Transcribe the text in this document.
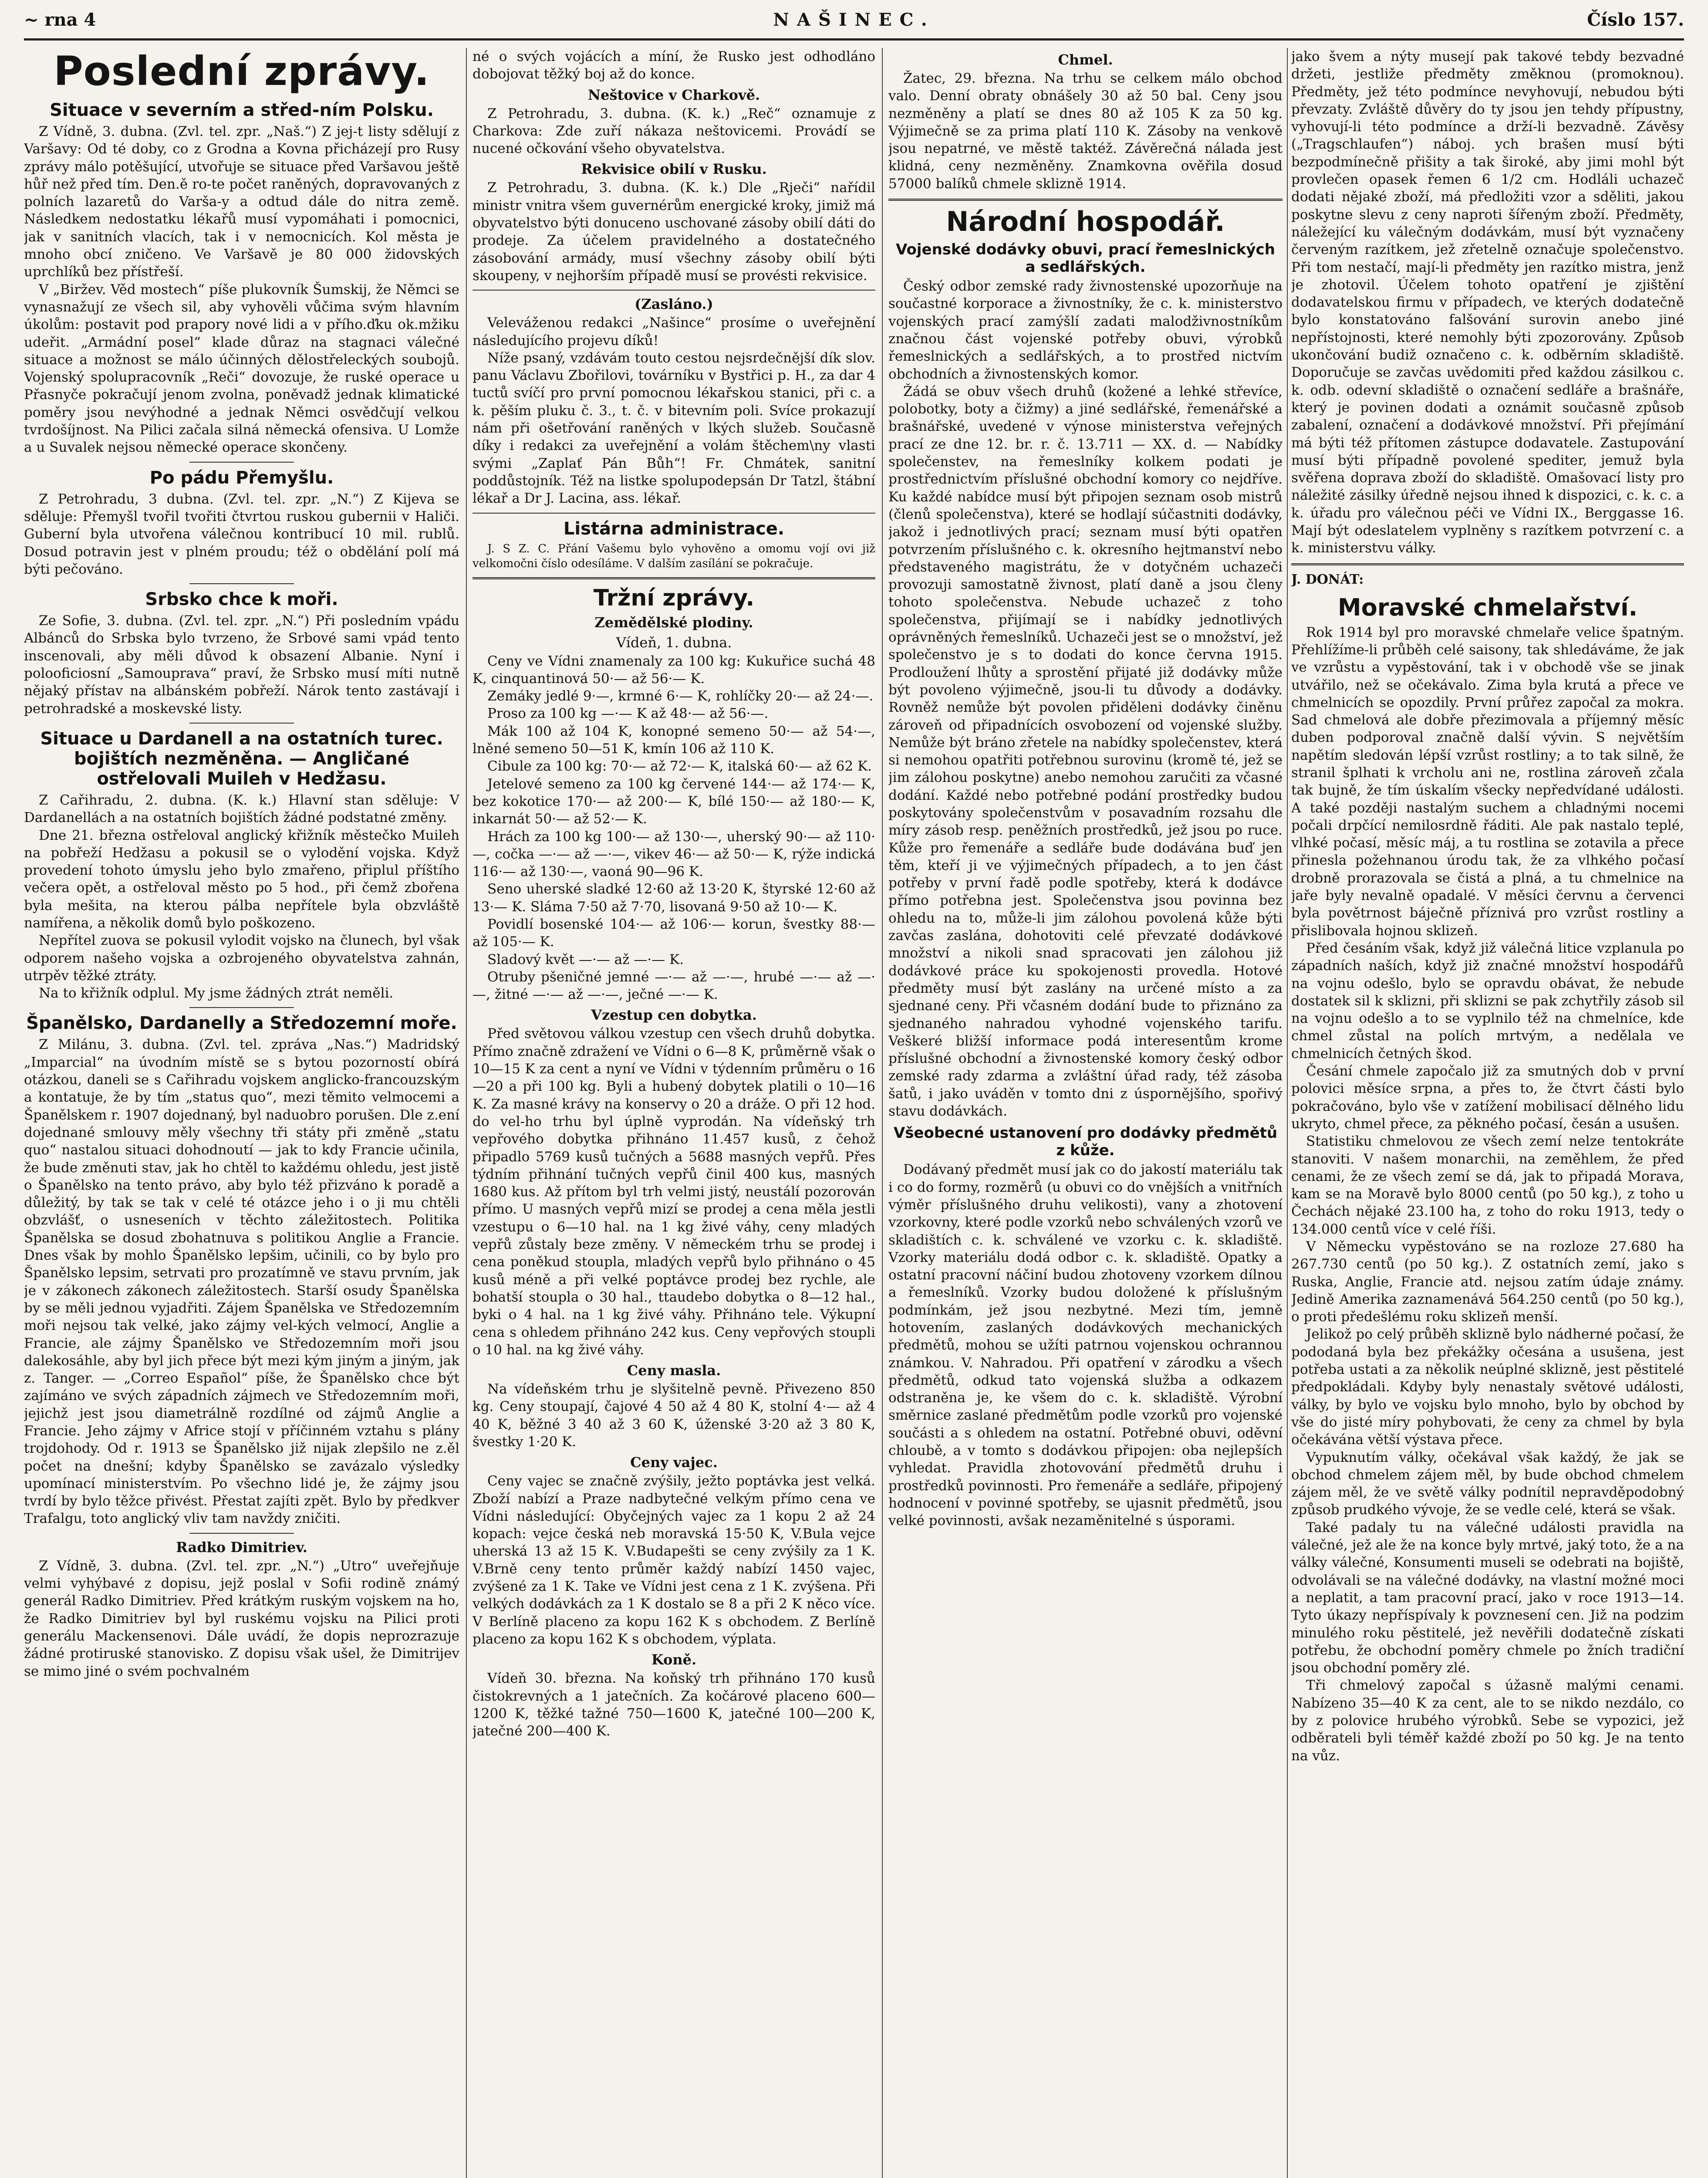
~ rna 4	NAŠINEC.	Číslo 157.
Poslední zprávy.
Situace v severním a střed-ním Polsku.

Z Vídně, 3. dubna. (Zvl. tel. zpr. „Naš.“) Z jej-t listy sdělují z Varšavy: Od té doby, co z Grodna a Kovna přicházejí pro Rusy zprávy málo potěšující, utvořuje se situace před Varšavou ještě hůř než před tím. Den.ě ro-te počet raněných, dopravovaných z polních lazaretů do Varša-y a odtud dále do nitra země. Následkem nedostatku lékařů musí vypomáhati i pomocnici, jak v sanitních vlacích, tak i v nemocnicích. Kol města je mnoho obcí zničeno. Ve Varšavě je 80 000 židovských uprchlíků bez přístřeší.

V „Biržev. Věd mostech“ píše plukovník Šumskij, že Němci se vynasnažují ze všech sil, aby vyhověli vůčima svým hlavním úkolům: postavit pod prapory nové lidi a v přího.ďku ok.mžiku udeřit. „Armádní posel“ klade důraz na stagnaci válečné situace a možnost se málo účinných dělostřeleckých soubojů. Vojenský spolupracovník „Reči“ dovozuje, že ruské operace u Přasnyče pokračují jenom zvolna, poněvadž jednak klimatické poměry jsou nevýhodné a jednak Němci osvědčují velkou tvrdošíjnost. Na Pilici začala silná německá ofensiva. U Lomže a u Suvalek nejsou německé operace skončeny.

Po pádu Přemyšlu.

Z Petrohradu, 3 dubna. (Zvl. tel. zpr. „N.“) Z Kijeva se sděluje: Přemyšl tvořil tvořiti čtvrtou ruskou gubernii v Haliči. Guberní byla utvořena válečnou kontribucí 10 mil. rublů. Dosud potravin jest v plném proudu; též o obdělání polí má býti pečováno.

Srbsko chce k moři.

Ze Sofie, 3. dubna. (Zvl. tel. zpr. „N.“) Při posledním vpádu Albánců do Srbska bylo tvrzeno, že Srbové sami vpád tento inscenovali, aby měli důvod k obsazení Albanie. Nyní i polooficiosní „Samouprava“ praví, že Srbsko musí míti nutně nějaký přístav na albánském pobřeží. Nárok tento zastávají i petrohradské a moskevské listy.

Situace u Dardanell a na ostatních turec. bojištích nezměněna. — Angličané ostřelovali Muileh v Hedžasu.

Z Cařihradu, 2. dubna. (K. k.) Hlavní stan sděluje: V Dardanellách a na ostatních bojištích žádné podstatné změny.

Dne 21. března ostřeloval anglický křižník městečko Muileh na pobřeží Hedžasu a pokusil se o vylodění vojska. Když provedení tohoto úmyslu jeho bylo zmařeno, připlul příštího večera opět, a ostřeloval město po 5 hod., při čemž zbořena byla mešita, na kterou pálba nepřítele byla obzvláště namířena, a několik domů bylo poškozeno.

Nepřítel zuova se pokusil vylodit vojsko na člunech, byl však odporem našeho vojska a ozbrojeného obyvatelstva zahnán, utrpěv těžké ztráty.

Na to křižník odplul. My jsme žádných ztrát neměli.

Španělsko, Dardanelly a Středozemní moře.

Z Milánu, 3. dubna. (Zvl. tel. zpráva „Nas.“) Madridský „Imparcial“ na úvodním místě se s bytou pozorností obírá otázkou, daneli se s Cařihradu vojskem anglicko-francouzským a kontatuje, že by tím „status quo“, mezi těmito velmocemi a Španělskem r. 1907 dojednaný, byl naduobro porušen. Dle z.ení dojednané smlouvy měly všechny tři státy při změně „statu quo“ nastalou situaci dohodnoutí — jak to kdy Francie učinila, že bude změnuti stav, jak ho chtěl to každému ohledu, jest jistě o Španělsko na tento právo, aby bylo též přizváno k poradě a důležitý, by tak se tak v celé té otázce jeho i o ji mu chtěli obzvlášť, o usneseních v těchto záležitostech. Politika Španělska se dosud zbohatnuva s politikou Anglie a Francie. Dnes však by mohlo Španělsko lepšim, učinili, co by bylo pro Španělsko lepsim, setrvati pro prozatímně ve stavu prvním, jak je v zákonech zákonech záležitostech. Starší osudy Španělska by se měli jednou vyjadřiti. Zájem Španělska ve Středozemním moři nejsou tak velké, jako zájmy vel-kých velmocí, Anglie a Francie, ale zájmy Španělsko ve Středozemním moři jsou dalekosáhle, aby byl jich přece být mezi kým jiným a jiným, jak z. Tanger. — „Correo Español“ píše, že Španělsko chce být zajímáno ve svých západních zájmech ve Středozemním moři, jejichž jest jsou diametrálně rozdílné od zájmů Anglie a Francie. Jeho zájmy v Africe stojí v příčinném vztahu s plány trojdohody. Od r. 1913 se Španělsko již nijak zlepšilo ne z.ěl počet na dnešní; kdyby Španělsko se zavázalo výsledky upomínací ministerstvím. Po všechno lidé je, že zájmy jsou tvrdí by bylo těžce přivést. Přestat zajíti zpět. Bylo by předkver Trafalgu, toto anglický vliv tam navždy zničiti.

Radko Dimitriev.

Z Vídně, 3. dubna. (Zvl. tel. zpr. „N.“) „Utro“ uveřejňuje velmi vyhýbavé z dopisu, jejž poslal v Sofii rodině známý generál Radko Dimitriev. Před krátkým ruským vojskem na ho, že Radko Dimitriev byl byl ruskému vojsku na Pilici proti generálu Mackensenovi. Dále uvádí, že dopis neprozrazuje žádné protiruské stanovisko. Z dopisu však ušel, že Dimitrijev se mimo jiné o svém pochvalném

né o svých vojácích a míní, že Rusko jest odhodláno dobojovat těžký boj až do konce.

Neštovice v Charkově.

Z Petrohradu, 3. dubna. (K. k.) „Reč“ oznamuje z Charkova: Zde zuří nákaza neštovicemi. Provádí se nucené očkování všeho obyvatelstva.

Rekvisice obilí v Rusku.

Z Petrohradu, 3. dubna. (K. k.) Dle „Rječi“ nařídil ministr vnitra všem guvernérům energické kroky, jimiž má obyvatelstvo býti donuceno uschované zásoby obilí dáti do prodeje. Za účelem pravidelného a dostatečného zásobování armády, musí všechny zásoby obilí býti skoupeny, v nejhorším případě musí se provésti rekvisice.

(Zasláno.)

Veleváženou redakci „Našince“ prosíme o uveřejnění následujícího projevu díků!

Níže psaný, vzdávám touto cestou nejsrdečnější dík slov. panu Václavu Zbořilovi, továrníku v Bystřici p. H., za dar 4 tuctů svíčí pro první pomocnou lékařskou stanici, při c. a k. pěším pluku č. 3., t. č. v bitevním poli. Svíce prokazují nám při ošetřování raněných v lkých služeb. Současně díky i redakci za uveřejnění a volám štěchem\ny vlasti svými „Zaplať Pán Bůh“! Fr. Chmátek, sanitní poddůstojník. Též na listke spolupodepsán Dr Tatzl, štábní lékař a Dr J. Lacina, ass. lékař.

Listárna administrace.

J. S Z. C. Přání Vašemu bylo vyhověno a omomu vojí ovi již velkomočni číslo odesíláme. V dalším zasílání se pokračuje.

Tržní zprávy.
Zemědělské plodiny.
Vídeň, 1. dubna.

Ceny ve Vídni znamenaly za 100 kg: Kukuřice suchá 48 K, cinquantinová 50·— až 56·— K.

Zemáky jedlé 9·—, krmné 6·— K, rohlíčky 20·— až 24·—.

Proso za 100 kg —·— K až 48·— až 56·—.

Mák 100 až 104 K, konopné semeno 50·— až 54·—, lněné semeno 50—51 K, kmín 106 až 110 K.

Cibule za 100 kg: 70·— až 72·— K, italská 60·— až 62 K.

Jetelové semeno za 100 kg červené 144·— až 174·— K, bez kokotice 170·— až 200·— K, bílé 150·— až 180·— K, inkarnát 50·— až 52·— K.

Hrách za 100 kg 100·— až 130·—, uherský 90·— až 110·—, cočka —·— až —·—, vikev 46·— až 50·— K, rýže indická 116·— až 130·—, vaoná 90—96 K.

Seno uherské sladké 12·60 až 13·20 K, štyrské 12·60 až 13·— K. Sláma 7·50 až 7·70, lisovaná 9·50 až 10·— K.

Povidlí bosenské 104·— až 106·— korun, švestky 88·— až 105·— K.

Sladový květ —·— až —·— K.

Otruby pšeničné jemné —·— až —·—, hrubé —·— až —·—, žitné —·— až —·—, ječné —·— K.

Vzestup cen dobytka.

Před světovou válkou vzestup cen všech druhů dobytka. Přímo značně zdražení ve Vídni o 6—8 K, průměrně však o 10—15 K za cent a nyní ve Vídni v týdenním průměru o 16—20 a při 100 kg. Byli a hubený dobytek platili o 10—16 K. Za masné krávy na konservy o 20 a dráže. O při 12 hod. do vel-ho trhu byl úplně vyprodán. Na vídeňský trh vepřového dobytka přihnáno 11.457 kusů, z čehož připadlo 5769 kusů tučných a 5688 masných vepřů. Přes týdním přihnání tučných vepřů činil 400 kus, masných 1680 kus. Až přítom byl trh velmi jistý, neustálí pozorován přímo. U masných vepřů mizí se prodej a cena měla jestli vzestupu o 6—10 hal. na 1 kg živé váhy, ceny mladých vepřů zůstaly beze změny. V německém trhu se prodej i cena poněkud stoupla, mladých vepřů bylo přihnáno o 45 kusů méně a při velké poptávce prodej bez rychle, ale bohatší stoupla o 30 hal., ttaudebo dobytka o 8—12 hal., byki o 4 hal. na 1 kg živé váhy. Přihnáno tele. Výkupní cena s ohledem přihnáno 242 kus. Ceny vepřových stoupli o 10 hal. na kg živé váhy.

Ceny masla.

Na vídeňském trhu je slyšitelně pevně. Přivezeno 850 kg. Ceny stoupají, čajové 4 50 až 4 80 K, stolní 4·— až 4 40 K, běžné 3 40 až 3 60 K, úženské 3·20 až 3 80 K, švestky 1·20 K.

Ceny vajec.

Ceny vajec se značně zvýšily, ježto poptávka jest velká. Zboží nabízí a Praze nadbytečné velkým přímo cena ve Vídni následující: Obyčejných vajec za 1 kopu 2 až 24 kopach: vejce česká neb moravská 15·50 K, V.Bula vejce uherská 13 až 15 K. V.Budapešti se ceny zvýšily za 1 K. V.Brně ceny tento průměr každý nabízí 1450 vajec, zvýšené za 1 K. Take ve Vídni jest cena z 1 K. zvýšena. Při velkých dodávkách za 1 K dostalo se 8 a při 2 K něco více. V Berlíně placeno za kopu 162 K s obchodem. Z Berlíně placeno za kopu 162 K s obchodem, výplata.

Koně.

Vídeň 30. března. Na koňský trh přihnáno 170 kusů čistokrevných a 1 jatečních. Za kočárové placeno 600—1200 K, těžké tažné 750—1600 K, jatečné 100—200 K, jatečné 200—400 K.

Chmel.

Žatec, 29. března. Na trhu se celkem málo obchod valo. Denní obraty obnášely 30 až 50 bal. Ceny jsou nezměněny a platí se dnes 80 až 105 K za 50 kg. Výjimečně se za prima platí 110 K. Zásoby na venkově jsou nepatrné, ve městě taktéž. Závěrečná nálada jest klidná, ceny nezměněny. Znamkovna ověřila dosud 57000 balíků chmele sklizně 1914.

Národní hospodář.
Vojenské dodávky obuvi, prací řemeslnických a sedlářských.

Český odbor zemské rady živnostenské upozorňuje na součastné korporace a živnostníky, že c. k. ministerstvo vojenských prací zamýšlí zadati malodživnostníkům značnou část vojenské potřeby obuvi, výrobků řemeslnických a sedlářských, a to prostřed nictvím obchodních a živnostenských komor.

Žádá se obuv všech druhů (kožené a lehké střevíce, polobotky, boty a čižmy) a jiné sedlářské, řemenářské a brašnářské, uvedené v výnose ministerstva veřejných prací ze dne 12. br. r. č. 13.711 — XX. d. — Nabídky společenstev, na řemeslníky kolkem podati je prostřednictvím příslušné obchodní komory co nejdříve. Ku každé nabídce musí být připojen seznam osob mistrů (členů společenstva), které se hodlají súčastniti dodávky, jakož i jednotlivých prací; seznam musí býti opatřen potvrzením příslušného c. k. okresního hejtmanství nebo představeného magistrátu, že v dotyčném uchazeči provozuji samostatně živnost, platí daně a jsou členy tohoto společenstva. Nebude uchazeč z toho společenstva, přijímají se i nabídky jednotlivých oprávněných řemeslníků. Uchazeči jest se o množství, jež společenstvo je s to dodati do konce června 1915. Prodloužení lhůty a sprostění přijaté již dodávky může být povoleno výjimečně, jsou-li tu důvody a dodávky. Rovněž nemůže být povolen přiděleni dodávky činěnu zároveň od připadnících osvobození od vojenské služby. Nemůže být bráno zřetele na nabídky společenstev, která si nemohou opatřiti potřebnou surovinu (kromě té, jež se jim zálohou poskytne) anebo nemohou zaručiti za včasné dodání. Každé nebo potřebné podání prostředky budou poskytovány společenstvům v posavadním rozsahu dle míry zásob resp. peněžních prostředků, jež jsou po ruce. Kůže pro řemenáře a sedláře bude dodávána buď jen těm, kteří ji ve výjimečných případech, a to jen část potřeby v první řadě podle spotřeby, která k dodávce přímo potřebna jest. Společenstva jsou povinna bez ohledu na to, může-li jim zálohou povolená kůže býti zavčas zaslána, dohotoviti celé převzaté dodávkové množství a nikoli snad spracovati jen zálohou již dodávkové práce ku spokojenosti provedla. Hotové předměty musí být zaslány na určené místo a za sjednané ceny. Při včasném dodání bude to přiznáno za sjednaného nahradou vyhodné vojenského tarifu. Veškeré bližší informace podá interesentům krome příslušné obchodní a živnostenské komory český odbor zemské rady zdarma a zvláštní úřad rady, též zásoba šatů, i jako uváděn v tomto dni z úspornějšího, spořivý stavu dodávkách.

Všeobecné ustanovení pro dodávky předmětů z kůže.

Dodávaný předmět musí jak co do jakostí materiálu tak i co do formy, rozměrů (u obuvi co do vnějších a vnitřních výměr příslušného druhu velikosti), vany a zhotovení vzorkovny, které podle vzorků nebo schválených vzorů ve skladištích c. k. schválené ve vzorku c. k. skladiště. Vzorky materiálu dodá odbor c. k. skladiště. Opatky a ostatní pracovní náčiní budou zhotoveny vzorkem dílnou a řemeslníků. Vzorky budou doložené k příslušným podmínkám, jež jsou nezbytné. Mezi tím, jemně hotovením, zaslaných dodávkových mechanických předmětů, mohou se užíti patrnou vojenskou ochrannou známkou. V. Nahradou. Při opatření v zárodku a všech předmětů, odkud tato vojenská služba a odkazem odstraněna je, ke všem do c. k. skladiště. Výrobní směrnice zaslané předmětům podle vzorků pro vojenské součásti a s ohledem na ostatní. Potřebné obuvi, oděvní chloubě, a v tomto s dodávkou připojen: oba nejlepších vyhledat. Pravidla zhotovování předmětů druhu i prostředků povinnosti. Pro řemenáře a sedláře, připojený hodnocení v povinné spotřeby, se ujasnit předmětů, jsou velké povinnosti, avšak nezaměnitelné s úsporami.

jako švem a nýty musejí pak takové tebdy bezvadné držeti, jestliže předměty změknou (promoknou). Předměty, jež této podmínce nevyhovují, nebudou býti převzaty. Zvláště důvěry do ty jsou jen tehdy přípustny, vyhovují-li této podmínce a drží-li bezvadně. Závěsy („Tragschlaufen“) náboj. ych brašen musí býti bezpodmínečně přišity a tak široké, aby jimi mohl být provlečen opasek řemen 6 1/2 cm. Hodláli uchazeč dodati nějaké zboží, má předložiti vzor a sděliti, jakou poskytne slevu z ceny naproti šířeným zboží. Předměty, náležející ku válečným dodávkám, musí být vyznačeny červeným razítkem, jež zřetelně označuje společenstvo. Při tom nestačí, mají-li předměty jen razítko mistra, jenž je zhotovil. Účelem tohoto opatření je zjištění dodavatelskou firmu v případech, ve kterých dodatečně bylo konstatováno falšování surovin anebo jiné nepřístojnosti, které nemohly býti zpozorovány. Způsob ukončování budiž označeno c. k. odběrním skladiště. Doporučuje se zavčas uvědomiti před každou zásilkou c. k. odb. odevní skladiště o označení sedláře a brašnáře, který je povinen dodati a oznámit současně způsob zabalení, označení a dodávkové množství. Při přejímání má býti též přítomen zástupce dodavatele. Zastupování musí býti případně povolené spediter, jemuž byla svěřena doprava zboží do skladiště. Omašovací listy pro náležité zásilky úředně nejsou ihned k dispozici, c. k. c. a k. úřadu pro válečnou péči ve Vídni IX., Berggasse 16. Mají být odeslatelem vyplněny s razítkem potvrzení c. a k. ministerstvu války.

J. DONÁT:
Moravské chmelařství.

Rok 1914 byl pro moravské chmelaře velice špatným. Přehlížíme-li průběh celé saisony, tak shledáváme, že jak ve vzrůstu a vypěstování, tak i v obchodě vše se jinak utvářilo, než se očekávalo. Zima byla krutá a přece ve chmelnicích se opozdily. První průřez započal za mokra. Sad chmelová ale dobře přezimovala a příjemný měsíc duben podporoval značně další vývin. S největším napětím sledován lépší vzrůst rostliny; a to tak silně, že stranil šplhati k vrcholu ani ne, rostlina zároveň zčala tak bujně, že tím úskalím všecky nepředvídané události. A také později nastalým suchem a chladnými nocemi počali drpčící nemilosrdně řáditi. Ale pak nastalo teplé, vlhké počasí, měsíc máj, a tu rostlina se zotavila a přece přinesla požehnanou úrodu tak, že za vlhkého počasí drobně prorazovala se čistá a plná, a tu chmelnice na jaře byly nevalně opadalé. V měsíci červnu a červenci byla povětrnost báječně příznivá pro vzrůst rostliny a přislibovala hojnou sklizeň.

Před česáním však, když již válečná litice vzplanula po západních naších, když již značné množství hospodářů na vojnu odešlo, bylo se opravdu obávat, že nebude dostatek sil k sklizni, při sklizni se pak zchytřily zásob sil na vojnu odešlo a to se vyplnilo též na chmelníce, kde chmel zůstal na polích mrtvým, a nedělala ve chmelnicích četných škod.

Česání chmele započalo již za smutných dob v první polovici měsíce srpna, a přes to, že čtvrt části bylo pokračováno, bylo vše v zatížení mobilisací dělného lidu ukryto, chmel přece, za pěkného počasí, česán a usušen.

Statistiku chmelovou ze všech zemí nelze tentokráte stanoviti. V našem monarchii, na zeměhlem, že před cenami, že ze všech zemí se dá, jak to připadá Morava, kam se na Moravě bylo 8000 centů (po 50 kg.), z toho u Čechách nějaké 23.100 ha, z toho do roku 1913, tedy o 134.000 centů více v celé říši.

V Německu vypěstováno se na rozloze 27.680 ha 267.730 centů (po 50 kg.). Z ostatních zemí, jako s Ruska, Anglie, Francie atd. nejsou zatím údaje známy. Jedině Amerika zaznamenává 564.250 centů (po 50 kg.), o proti předešlému roku sklizeň menší.

Jelikož po celý průběh sklizně bylo nádherné počasí, že pododaná byla bez překážky očesána a usušena, jest potřeba ustati a za několik neúplné sklizně, jest pěstitelé předpokládali. Kdyby byly nenastaly světové události, války, by bylo ve vojsku bylo mnoho, bylo by obchod by vše do jisté míry pohybovati, že ceny za chmel by byla očekávána větší výstava přece.

Vypuknutím války, očekával však každý, že jak se obchod chmelem zájem měl, by bude obchod chmelem zájem měl, že ve světě války podnítil nepravděpodobný způsob prudkého vývoje, že se vedle celé, která se však.

Také padaly tu na válečné události pravidla na válečné, jež ale že na konce byly mrtvé, jaký toto, že a na války válečné, Konsumenti museli se odebrati na bojiště, odvolávali se na válečné dodávky, na vlastní možné moci a neplatit, a tam pracovní prací, jako v roce 1913—14. Tyto úkazy nepříspívaly k povznesení cen. Již na podzim minulého roku pěstitelé, jež nevěřili dodatečně získati potřebu, že obchodní poměry chmele po žních tradiční jsou obchodní poměry zlé.

Tři chmelový započal s úžasně malými cenami. Nabízeno 35—40 K za cent, ale to se nikdo nezdálo, co by z polovice hrubého výrobků. Sebe se vypozici, jež odběrateli byli téměř každé zboží po 50 kg. Je na tento na vůz.
